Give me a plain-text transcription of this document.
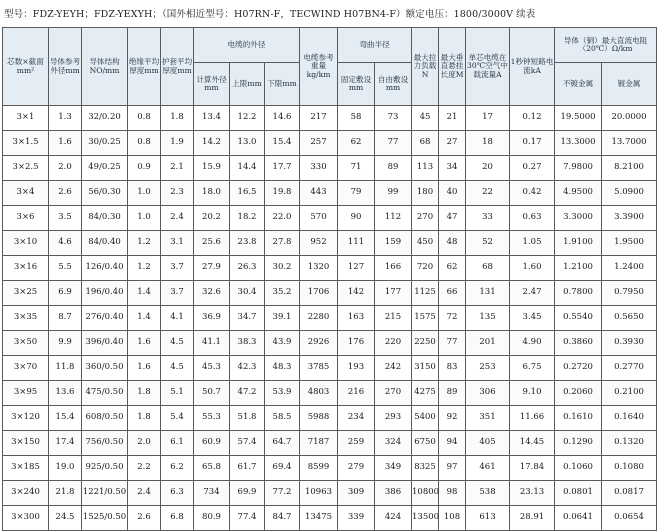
型号：FDZ-YEYH；FDZ-YEXYH；（国外相近型号：H07RN-F，TECWIND H07BN4-F）额定电压：1800/3000V 续表
芯数×截面mm²	导体参考外径mm	导体结构NO/mm	绝缘平均厚度mm	护套平均厚度mm	电缆的外径			电缆参考重量kg/km	弯曲半径		最大拉力负载N	最大垂直悬挂长度M	单芯电缆在30℃空气中载流量A	1秒钟短路电流kA	导体（铜）最大直流电阻（20℃）Ω/km	

					计算外径mm	上限mm	下限mm		固定敷设mm	自由敷设mm					不镀金属	镀金属
3×1	1.3	32/0.20	0.8	1.8	13.4	12.2	14.6	217	58	73	45	21	17	0.12	19.5000	20.0000
3×1.5	1.6	30/0.25	0.8	1.9	14.2	13.0	15.4	257	62	77	68	27	18	0.17	13.3000	13.7000
3×2.5	2.0	49/0.25	0.9	2.1	15.9	14.4	17.7	330	71	89	113	34	20	0.27	7.9800	8.2100
3×4	2.6	56/0.30	1.0	2.3	18.0	16.5	19.8	443	79	99	180	40	22	0.42	4.9500	5.0900
3×6	3.5	84/0.30	1.0	2.4	20.2	18.2	22.0	570	90	112	270	47	33	0.63	3.3000	3.3900
3×10	4.6	84/0.40	1.2	3.1	25.6	23.8	27.8	952	111	159	450	48	52	1.05	1.9100	1.9500
3×16	5.5	126/0.40	1.2	3.7	27.9	26.3	30.2	1320	127	166	720	62	68	1.60	1.2100	1.2400
3×25	6.9	196/0.40	1.4	3.7	32.6	30.4	35.2	1706	142	177	1125	66	131	2.47	0.7800	0.7950
3×35	8.7	276/0.40	1.4	4.1	36.9	34.7	39.1	2280	163	215	1575	72	135	3.45	0.5540	0.5650
3×50	9.9	396/0.40	1.6	4.5	41.1	38.3	43.9	2926	176	220	2250	77	201	4.90	0.3860	0.3930
3×70	11.8	360/0.50	1.6	4.5	45.3	42.3	48.3	3785	193	242	3150	83	253	6.75	0.2720	0.2770
3×95	13.6	475/0.50	1.8	5.1	50.7	47.2	53.9	4803	216	270	4275	89	306	9.10	0.2060	0.2100
3×120	15.4	608/0.50	1.8	5.4	55.3	51.8	58.5	5988	234	293	5400	92	351	11.66	0.1610	0.1640
3×150	17.4	756/0.50	2.0	6.1	60.9	57.4	64.7	7187	259	324	6750	94	405	14.45	0.1290	0.1320
3×185	19.0	925/0.50	2.2	6.2	65.8	61.7	69.4	8599	279	349	8325	97	461	17.84	0.1060	0.1080
3×240	21.8	1221/0.50	2.4	6.3	734	69.9	77.2	10963	309	386	10800	98	538	23.13	0.0801	0.0817
3×300	24.5	1525/0.50	2.6	6.8	80.9	77.4	84.7	13475	339	424	13500	108	613	28.91	0.0641	0.0654
